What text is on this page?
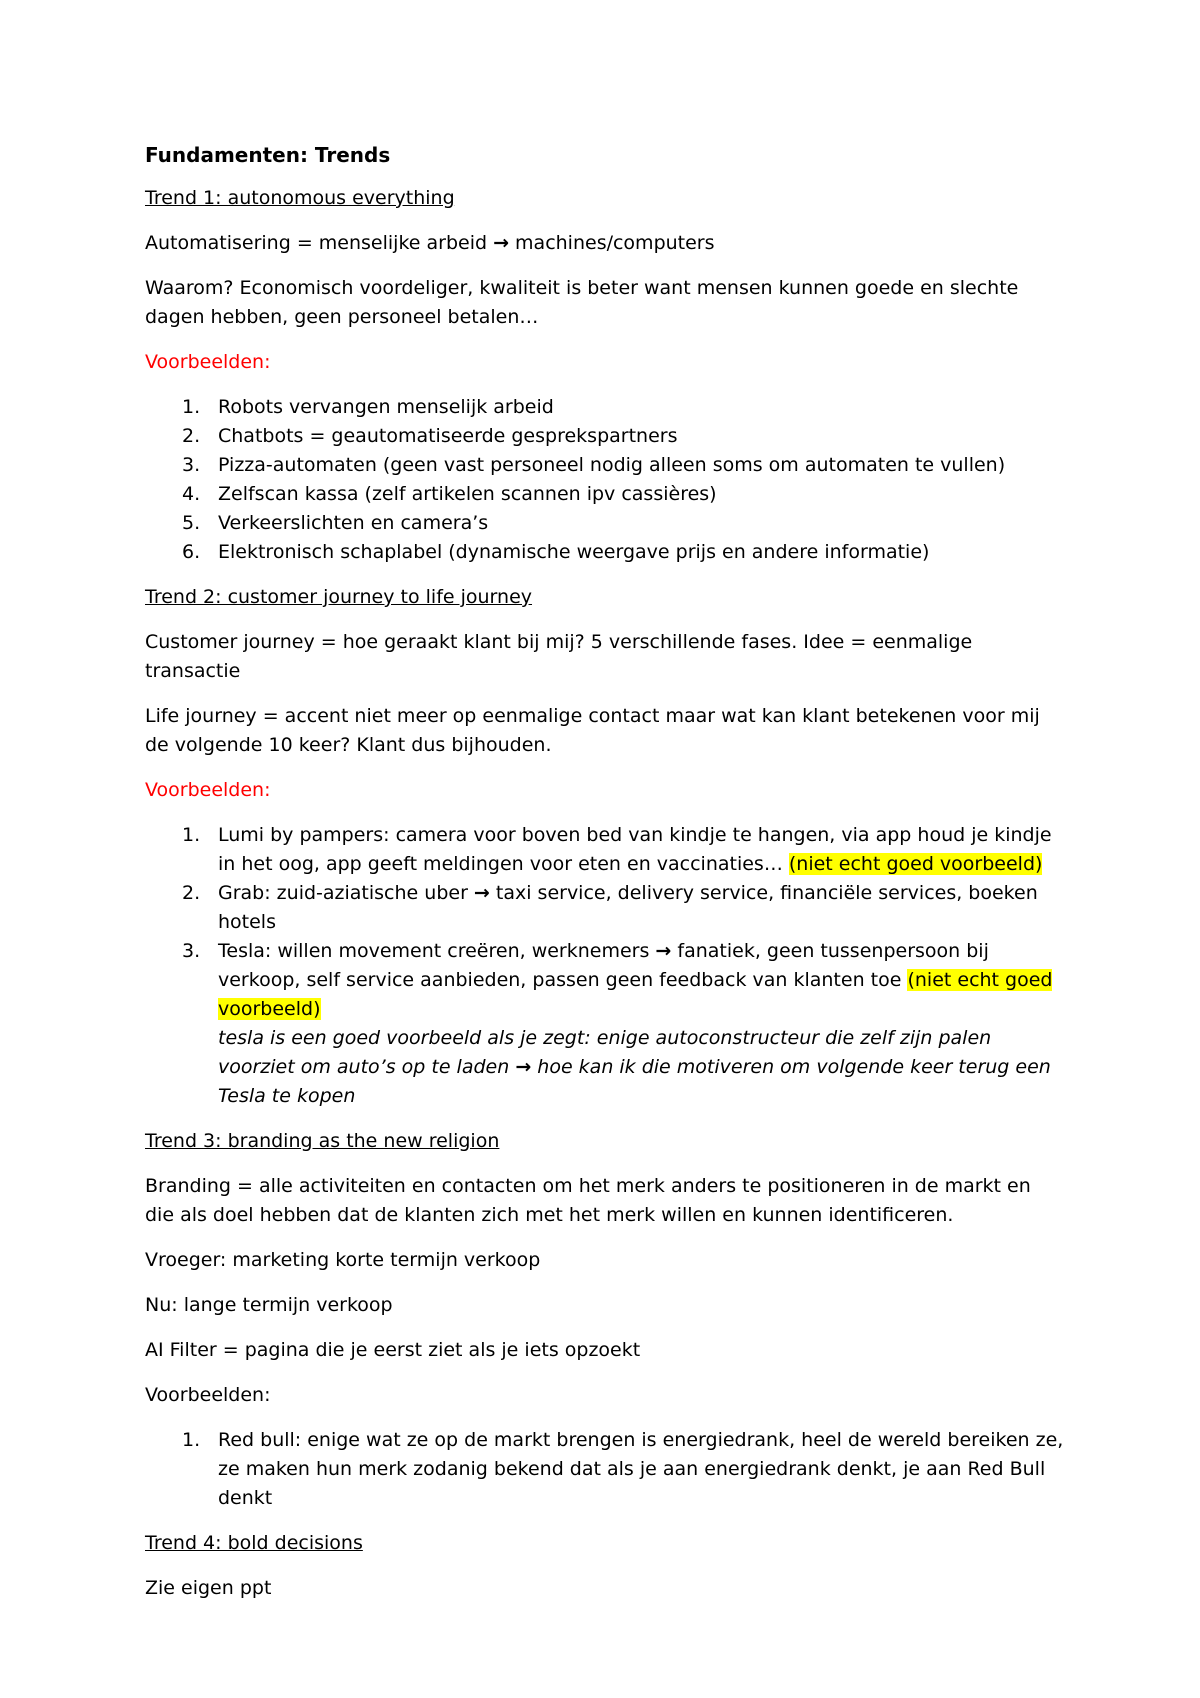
Fundamenten: Trends

Trend 1: autonomous everything

Automatisering = menselijke arbeid → machines/computers

Waarom? Economisch voordeliger, kwaliteit is beter want mensen kunnen goede en slechte dagen hebben, geen personeel betalen…

Voorbeelden:

1. Robots vervangen menselijk arbeid
2. Chatbots = geautomatiseerde gesprekspartners
3. Pizza-automaten (geen vast personeel nodig alleen soms om automaten te vullen)
4. Zelfscan kassa (zelf artikelen scannen ipv cassières)
5. Verkeerslichten en camera’s
6. Elektronisch schaplabel (dynamische weergave prijs en andere informatie)

Trend 2: customer journey to life journey

Customer journey = hoe geraakt klant bij mij? 5 verschillende fases. Idee = eenmalige transactie

Life journey = accent niet meer op eenmalige contact maar wat kan klant betekenen voor mij de volgende 10 keer? Klant dus bijhouden.

Voorbeelden:

1. Lumi by pampers: camera voor boven bed van kindje te hangen, via app houd je kindje in het oog, app geeft meldingen voor eten en vaccinaties… (niet echt goed voorbeeld)
2. Grab: zuid-aziatische uber → taxi service, delivery service, financiële services, boeken hotels
3. Tesla: willen movement creëren, werknemers → fanatiek, geen tussenpersoon bij verkoop, self service aanbieden, passen geen feedback van klanten toe (niet echt goed voorbeeld)
tesla is een goed voorbeeld als je zegt: enige autoconstructeur die zelf zijn palen voorziet om auto’s op te laden → hoe kan ik die motiveren om volgende keer terug een Tesla te kopen

Trend 3: branding as the new religion

Branding = alle activiteiten en contacten om het merk anders te positioneren in de markt en die als doel hebben dat de klanten zich met het merk willen en kunnen identificeren.

Vroeger: marketing korte termijn verkoop

Nu: lange termijn verkoop

AI Filter = pagina die je eerst ziet als je iets opzoekt

Voorbeelden:

1. Red bull: enige wat ze op de markt brengen is energiedrank, heel de wereld bereiken ze, ze maken hun merk zodanig bekend dat als je aan energiedrank denkt, je aan Red Bull denkt

Trend 4: bold decisions

Zie eigen ppt
